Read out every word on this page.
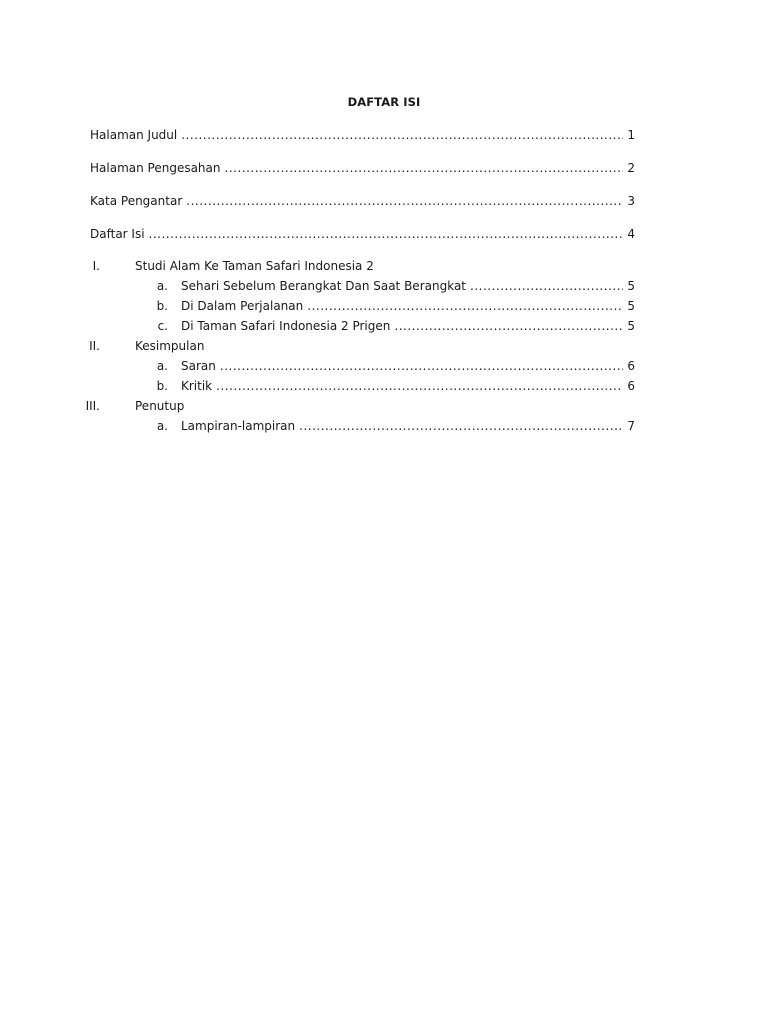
DAFTAR ISI
Halaman Judul .....	1
Halaman Pengesahan .....	2
Kata Pengantar .....	3
Daftar Isi .....	4
I.	Studi Alam Ke Taman Safari Indonesia 2
a. Sehari Sebelum Berangkat Dan Saat Berangkat .....	5
b. Di Dalam Perjalanan .....	5
c. Di Taman Safari Indonesia 2 Prigen .....	5
II.	Kesimpulan
a. Saran .....	6
b. Kritik .....	6
III.	Penutup
a. Lampiran-lampiran .....	7
